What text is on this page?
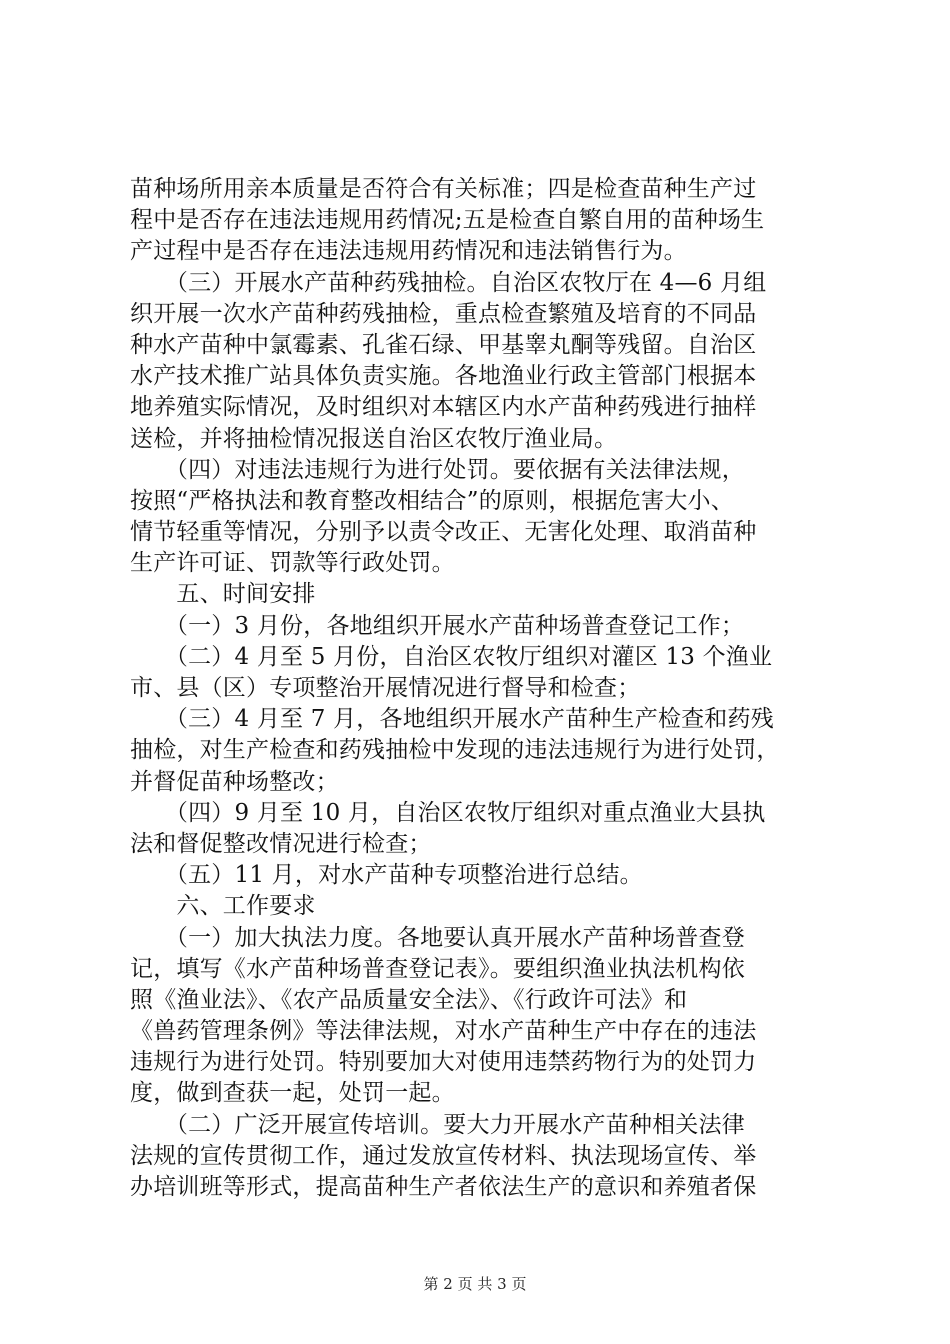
苗种场所用亲本质量是否符合有关标准；四是检查苗种生产过
程中是否存在违法违规用药情况;五是检查自繁自用的苗种场生
产过程中是否存在违法违规用药情况和违法销售行为。
　　（三）开展水产苗种药残抽检。自治区农牧厅在 4—6 月组
织开展一次水产苗种药残抽检，重点检查繁殖及培育的不同品
种水产苗种中氯霉素、孔雀石绿、甲基睾丸酮等残留。自治区
水产技术推广站具体负责实施。各地渔业行政主管部门根据本
地养殖实际情况，及时组织对本辖区内水产苗种药残进行抽样
送检，并将抽检情况报送自治区农牧厅渔业局。
　　（四）对违法违规行为进行处罚。要依据有关法律法规，
按照“严格执法和教育整改相结合”的原则，根据危害大小、
情节轻重等情况，分别予以责令改正、无害化处理、取消苗种
生产许可证、罚款等行政处罚。
　　五、时间安排
　　（一）3 月份，各地组织开展水产苗种场普查登记工作；
　　（二）4 月至 5 月份，自治区农牧厅组织对灌区 13 个渔业
市、县（区）专项整治开展情况进行督导和检查；
　　（三）4 月至 7 月，各地组织开展水产苗种生产检查和药残
抽检，对生产检查和药残抽检中发现的违法违规行为进行处罚，
并督促苗种场整改；
　　（四）9 月至 10 月，自治区农牧厅组织对重点渔业大县执
法和督促整改情况进行检查；
　　（五）11 月，对水产苗种专项整治进行总结。
　　六、工作要求
　　（一）加大执法力度。各地要认真开展水产苗种场普查登
记，填写《水产苗种场普查登记表》。要组织渔业执法机构依
照《渔业法》、《农产品质量安全法》、《行政许可法》和
《兽药管理条例》等法律法规，对水产苗种生产中存在的违法
违规行为进行处罚。特别要加大对使用违禁药物行为的处罚力
度，做到查获一起，处罚一起。
　　（二）广泛开展宣传培训。要大力开展水产苗种相关法律
法规的宣传贯彻工作，通过发放宣传材料、执法现场宣传、举
办培训班等形式，提高苗种生产者依法生产的意识和养殖者保
第 2 页 共 3 页
